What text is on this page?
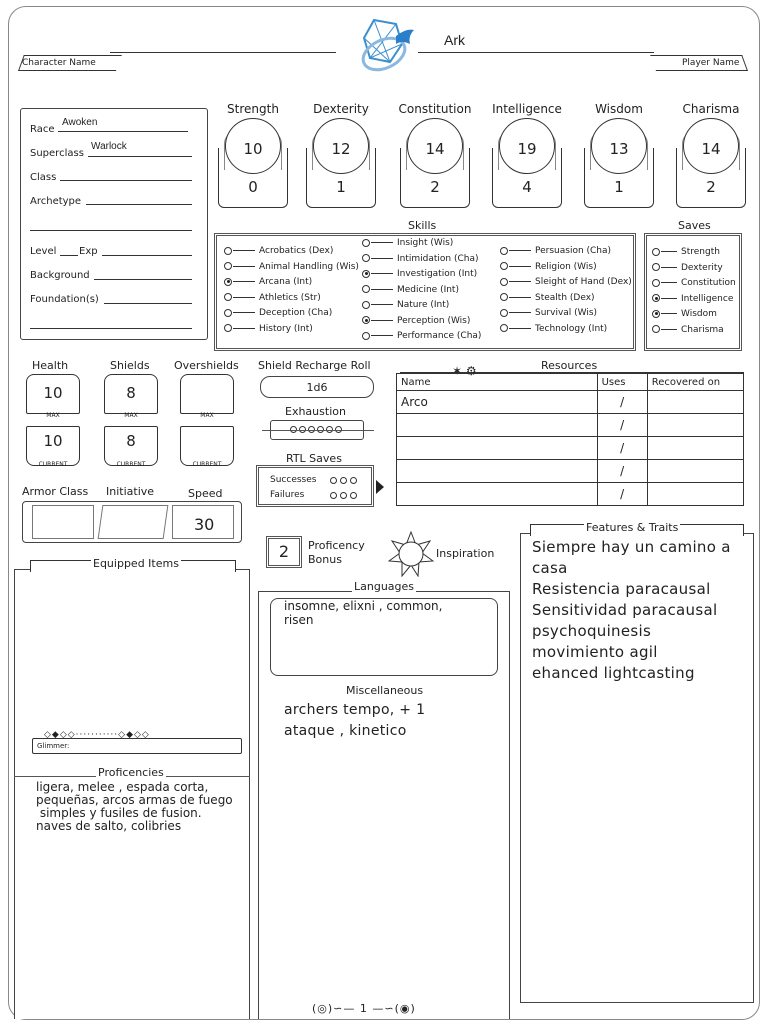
Character Name
Ark
Player Name
Race
Awoken
Superclass
Warlock
Class
Archetype
Level Exp
Background
Foundation(s)
Strength
10
0
Dexterity
12
1
Constitution
14
2
Intelligence
19
4
Wisdom
13
1
Charisma
14
2
Skills
Acrobatics (Dex)
Animal Handling (Wis)
Arcana (Int)
Athletics (Str)
Deception (Cha)
History (Int)
Insight (Wis)
Intimidation (Cha)
Investigation (Int)
Medicine (Int)
Nature (Int)
Perception (Wis)
Performance (Cha)
Persuasion (Cha)
Religion (Wis)
Sleight of Hand (Dex)
Stealth (Dex)
Survival (Wis)
Technology (Int)
Saves
Strength
Dexterity
Constitution
Intelligence
Wisdom
Charisma
Health
10
MAX
10
CURRENT
Shields
8
MAX
8
CURRENT
Overshields
MAX
CURRENT
Shield Recharge Roll
1d6
Exhaustion
RTL Saves
Successes
Failures
Armor Class Initiative	Speed
30
Resources
✶ ⚙
Name	Uses	Recovered on
Arco	/	
	/	
	/	
	/	
	/	
2	Proficency
Bonus	Inspiration
Equipped Items
Glimmer:
◇◆◇◇···········◇◆◇◇
Proficencies
ligera, melee , espada corta,
pequeñas, arcos armas de fuego
simples y fusiles de fusion.
naves de salto, colibries
Languages
insomne, elixni , common,
risen
Miscellaneous
archers tempo, + 1
ataque , kinetico
Features & Traits
Siempre hay un camino a
casa
Resistencia paracausal
Sensitividad paracausal
psychoquinesis
movimiento agil
ehanced lightcasting
(◎)∽— 1 —∽(◉)
